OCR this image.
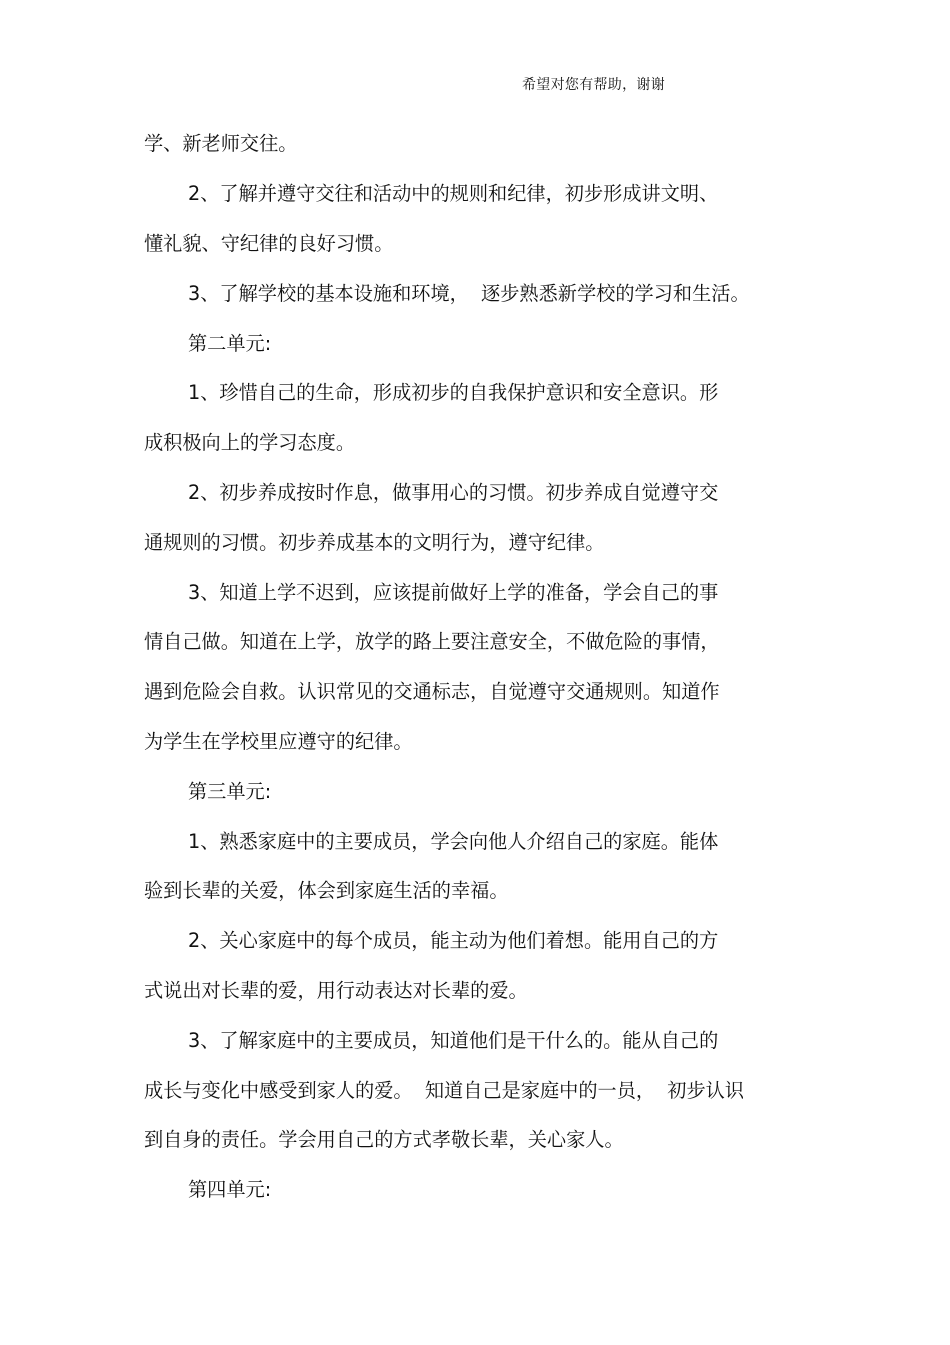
希望对您有帮助，谢谢
学、新老师交往。
2、了解并遵守交往和活动中的规则和纪律，初步形成讲文明、
懂礼貌、守纪律的良好习惯。
3、了解学校的基本设施和环境，  逐步熟悉新学校的学习和生活。
第二单元:
1、珍惜自己的生命，形成初步的自我保护意识和安全意识。形
成积极向上的学习态度。
2、初步养成按时作息，做事用心的习惯。初步养成自觉遵守交
通规则的习惯。初步养成基本的文明行为，遵守纪律。
3、知道上学不迟到，应该提前做好上学的准备，学会自己的事
情自己做。知道在上学，放学的路上要注意安全，不做危险的事情，
遇到危险会自救。认识常见的交通标志，自觉遵守交通规则。知道作
为学生在学校里应遵守的纪律。
第三单元:
1、熟悉家庭中的主要成员，学会向他人介绍自己的家庭。能体
验到长辈的关爱，体会到家庭生活的幸福。
2、关心家庭中的每个成员，能主动为他们着想。能用自己的方
式说出对长辈的爱，用行动表达对长辈的爱。
3、了解家庭中的主要成员，知道他们是干什么的。能从自己的
成长与变化中感受到家人的爱。  知道自己是家庭中的一员，  初步认识
到自身的责任。学会用自己的方式孝敬长辈，关心家人。
第四单元:
